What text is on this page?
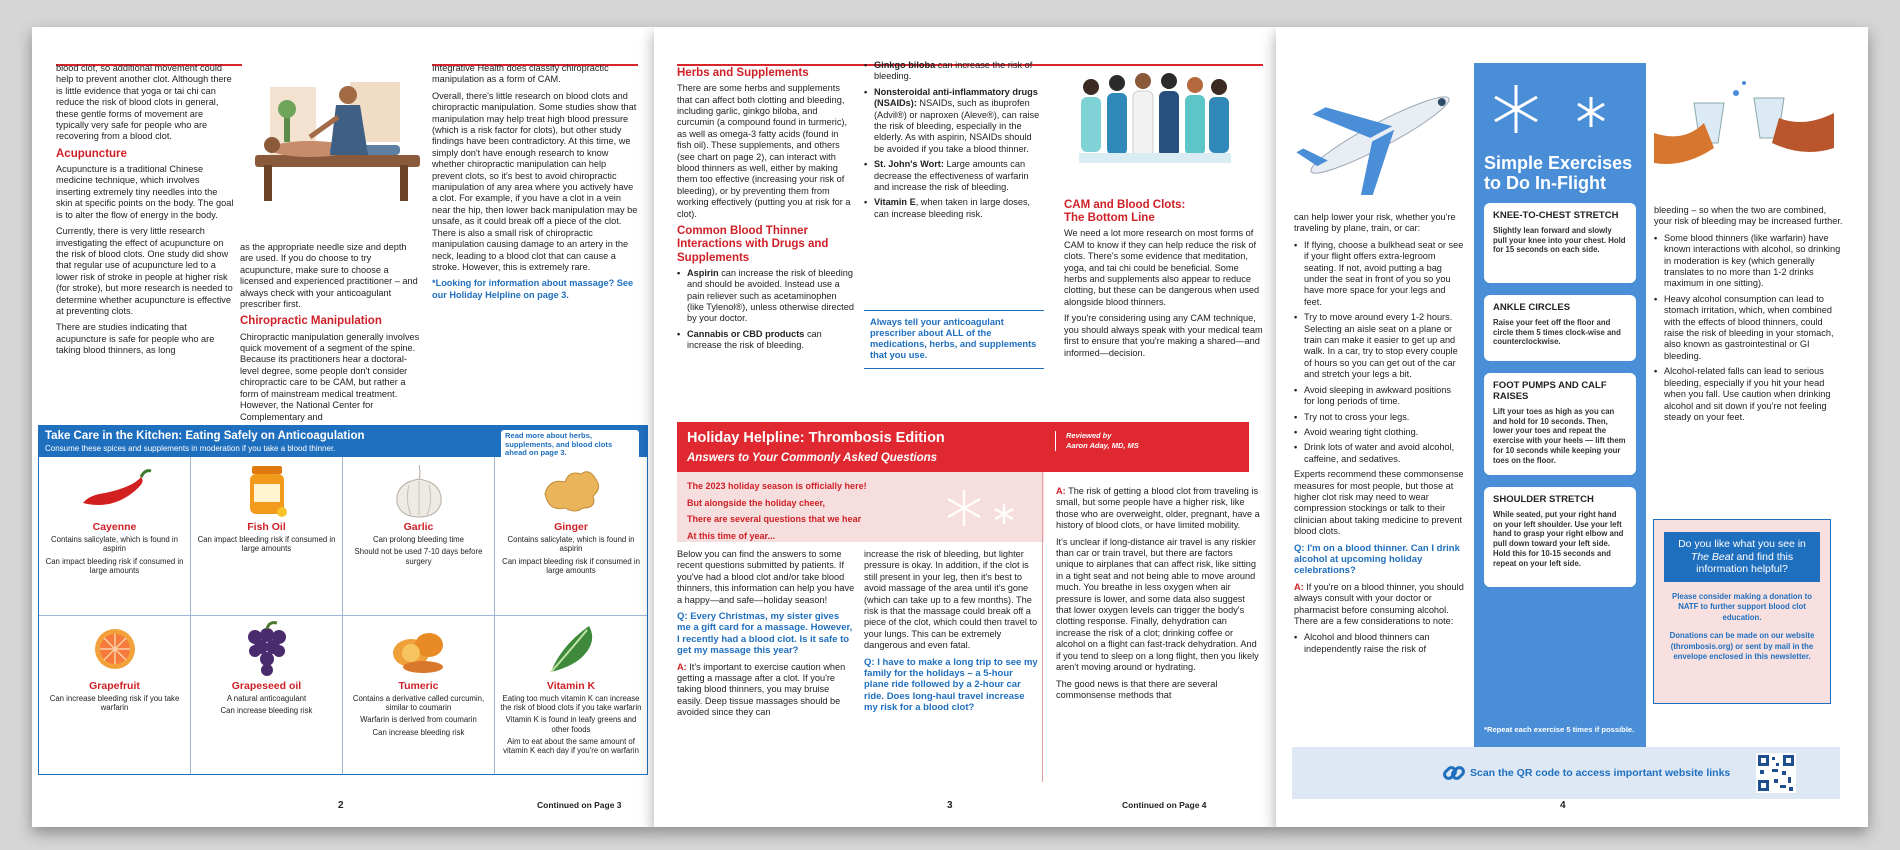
blood clot, so additional movement could help to prevent another clot. Although there is little evidence that yoga or tai chi can reduce the risk of blood clots in general, these gentle forms of movement are typically very safe for people who are recovering from a blood clot.

Acupuncture

Acupuncture is a traditional Chinese medicine technique, which involves inserting extremely tiny needles into the skin at specific points on the body. The goal is to alter the flow of energy in the body.

Currently, there is very little research investigating the effect of acupuncture on the risk of blood clots. One study did show that regular use of acupuncture led to a lower risk of stroke in people at higher risk (for stroke), but more research is needed to determine whether acupuncture is effective at preventing clots.

There are studies indicating that acupuncture is safe for people who are taking blood thinners, as long

as the appropriate needle size and depth are used. If you do choose to try acupuncture, make sure to choose a licensed and experienced practitioner – and always check with your anticoagulant prescriber first.

Chiropractic Manipulation

Chiropractic manipulation generally involves quick movement of a segment of the spine. Because its practitioners hear a doctoral-level degree, some people don't consider chiropractic care to be CAM, but rather a form of mainstream medical treatment. However, the National Center for Complementary and

Integrative Health does classify chiropractic manipulation as a form of CAM.

Overall, there's little research on blood clots and chiropractic manipulation. Some studies show that manipulation may help treat high blood pressure (which is a risk factor for clots), but other study findings have been contradictory. At this time, we simply don't have enough research to know whether chiropractic manipulation can help prevent clots, so it's best to avoid chiropractic manipulation of any area where you actively have a clot. For example, if you have a clot in a vein near the hip, then lower back manipulation may be unsafe, as it could break off a piece of the clot. There is also a small risk of chiropractic manipulation causing damage to an artery in the neck, leading to a blood clot that can cause a stroke. However, this is extremely rare.

*Looking for information about massage? See our Holiday Helpline on page 3.

Take Care in the Kitchen: Eating Safely on Anticoagulation
Consume these spices and supplements in moderation if you take a blood thinner.
Read more about herbs, supplements, and blood clots ahead on page 3.
Cayenne
Contains salicylate, which is found in aspirin
Can impact bleeding risk if consumed in large amounts
Fish Oil
Can impact bleeding risk if consumed in large amounts
Garlic
Can prolong bleeding time
Should not be used 7-10 days before surgery
Ginger
Contains salicylate, which is found in aspirin
Can impact bleeding risk if consumed in large amounts
Grapefruit
Can increase bleeding risk if you take warfarin
Grapeseed oil
A natural anticoagulant
Can increase bleeding risk
Tumeric
Contains a derivative called curcumin, similar to coumarin
Warfarin is derived from coumarin
Can increase bleeding risk
Vitamin K
Eating too much vitamin K can increase the risk of blood clots if you take warfarin
Vitamin K is found in leafy greens and other foods
Aim to eat about the same amount of vitamin K each day if you're on warfarin
2	Continued on Page 3
Herbs and Supplements

There are some herbs and supplements that can affect both clotting and bleeding, including garlic, ginkgo biloba, and curcumin (a compound found in turmeric), as well as omega-3 fatty acids (found in fish oil). These supplements, and others (see chart on page 2), can interact with blood thinners as well, either by making them too effective (increasing your risk of bleeding), or by preventing them from working effectively (putting you at risk for a clot).

Common Blood Thinner Interactions with Drugs and Supplements
• Aspirin can increase the risk of bleeding and should be avoided. Instead use a pain reliever such as acetaminophen (like Tylenol®), unless otherwise directed by your doctor.
• Cannabis or CBD products can increase the risk of bleeding.
• Ginkgo biloba can increase the risk of bleeding.
• Nonsteroidal anti-inflammatory drugs (NSAIDs): NSAIDs, such as ibuprofen (Advil®) or naproxen (Aleve®), can raise the risk of bleeding, especially in the elderly. As with aspirin, NSAIDs should be avoided if you take a blood thinner.
• St. John's Wort: Large amounts can decrease the effectiveness of warfarin and increase the risk of bleeding.
• Vitamin E, when taken in large doses, can increase bleeding risk.
Always tell your anticoagulant prescriber about ALL of the medications, herbs, and supplements that you use.
CAM and Blood Clots:
The Bottom Line

We need a lot more research on most forms of CAM to know if they can help reduce the risk of clots. There's some evidence that meditation, yoga, and tai chi could be beneficial. Some herbs and supplements also appear to reduce clotting, but these can be dangerous when used alongside blood thinners.

If you're considering using any CAM technique, you should always speak with your medical team first to ensure that you're making a shared—and informed—decision.

Holiday Helpline: Thrombosis Edition
Answers to Your Commonly Asked Questions
Reviewed by
Aaron Aday, MD, MS
The 2023 holiday season is officially here!
But alongside the holiday cheer,
There are several questions that we hear
At this time of year...

Below you can find the answers to some recent questions submitted by patients. If you've had a blood clot and/or take blood thinners, this information can help you have a happy—and safe—holiday season!

Q: Every Christmas, my sister gives me a gift card for a massage. However, I recently had a blood clot. Is it safe to get my massage this year?

A: It's important to exercise caution when getting a massage after a clot. If you're taking blood thinners, you may bruise easily. Deep tissue massages should be avoided since they can

increase the risk of bleeding, but lighter pressure is okay. In addition, if the clot is still present in your leg, then it's best to avoid massage of the area until it's gone (which can take up to a few months). The risk is that the massage could break off a piece of the clot, which could then travel to your lungs. This can be extremely dangerous and even fatal.

Q: I have to make a long trip to see my family for the holidays – a 5-hour plane ride followed by a 2-hour car ride. Does long-haul travel increase my risk for a blood clot?

A: The risk of getting a blood clot from traveling is small, but some people have a higher risk, like those who are overweight, older, pregnant, have a history of blood clots, or have limited mobility.

It's unclear if long-distance air travel is any riskier than car or train travel, but there are factors unique to airplanes that can affect risk, like sitting in a tight seat and not being able to move around much. You breathe in less oxygen when air pressure is lower, and some data also suggest that lower oxygen levels can trigger the body's clotting response. Finally, dehydration can increase the risk of a clot; drinking coffee or alcohol on a flight can fast-track dehydration. And if you tend to sleep on a long flight, then you likely aren't moving around or hydrating.

The good news is that there are several commonsense methods that

3	Continued on Page 4

can help lower your risk, whether you're traveling by plane, train, or car:

• If flying, choose a bulkhead seat or see if your flight offers extra-legroom seating. If not, avoid putting a bag under the seat in front of you so you have more space for your legs and feet.
• Try to move around every 1-2 hours. Selecting an aisle seat on a plane or train can make it easier to get up and walk. In a car, try to stop every couple of hours so you can get out of the car and stretch your legs a bit.
• Avoid sleeping in awkward positions for long periods of time.
• Try not to cross your legs.
• Avoid wearing tight clothing.
• Drink lots of water and avoid alcohol, caffeine, and sedatives.

Experts recommend these commonsense measures for most people, but those at higher clot risk may need to wear compression stockings or talk to their clinician about taking medicine to prevent blood clots.

Q: I'm on a blood thinner. Can I drink alcohol at upcoming holiday celebrations?

A: If you're on a blood thinner, you should always consult with your doctor or pharmacist before consuming alcohol. There are a few considerations to note:

• Alcohol and blood thinners can independently raise the risk of
Simple Exercises to Do In-Flight
KNEE-TO-CHEST STRETCH
Slightly lean forward and slowly pull your knee into your chest. Hold for 15 seconds on each side.
ANKLE CIRCLES
Raise your feet off the floor and circle them 5 times clock-wise and counterclockwise.
FOOT PUMPS AND CALF RAISES
Lift your toes as high as you can and hold for 10 seconds. Then, lower your toes and repeat the exercise with your heels — lift them for 10 seconds while keeping your toes on the floor.
SHOULDER STRETCH
While seated, put your right hand on your left shoulder. Use your left hand to grasp your right elbow and pull down toward your left side. Hold this for 10-15 seconds and repeat on your left side.
*Repeat each exercise 5 times if possible.

bleeding – so when the two are combined, your risk of bleeding may be increased further.

• Some blood thinners (like warfarin) have known interactions with alcohol, so drinking in moderation is key (which generally translates to no more than 1-2 drinks maximum in one sitting).
• Heavy alcohol consumption can lead to stomach irritation, which, when combined with the effects of blood thinners, could raise the risk of bleeding in your stomach, also known as gastrointestinal or GI bleeding.
• Alcohol-related falls can lead to serious bleeding, especially if you hit your head when you fall. Use caution when drinking alcohol and sit down if you're not feeling steady on your feet.
Do you like what you see in The Beat and find this information helpful?
Please consider making a donation to NATF to further support blood clot education.
Donations can be made on our website (thrombosis.org) or sent by mail in the envelope enclosed in this newsletter.
Scan the QR code to access important website links
4
